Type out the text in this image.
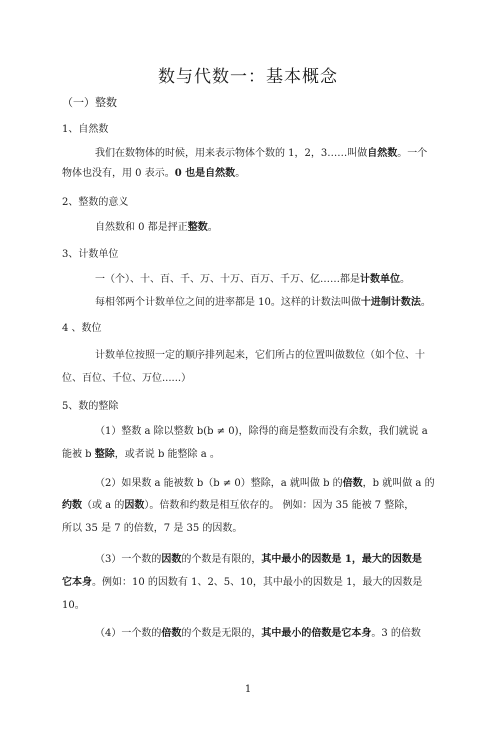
数与代数一：基本概念
（一）整数
1、自然数
我们在数物体的时候，用来表示物体个数的 1，2，3……叫做自然数。一个
物体也没有，用 0 表示。0 也是自然数。
2、整数的意义
自然数和 0 都是抨正整数。
3、计数单位
一（个）、十、百、千、万、十万、百万、千万、亿……都是计数单位。
每相邻两个计数单位之间的进率都是 10。这样的计数法叫做十进制计数法。
4 、数位
计数单位按照一定的顺序排列起来，它们所占的位置叫做数位（如个位、十
位、百位、千位、万位......）
5、数的整除
（1）整数 a 除以整数 b(b ≠ 0)，除得的商是整数而没有余数，我们就说 a
能被 b 整除，或者说 b 能整除 a 。
（2）如果数 a 能被数 b（b ≠ 0）整除，a 就叫做 b 的倍数，b 就叫做 a 的
约数（或 a 的因数）。倍数和约数是相互依存的。 例如：因为 35 能被 7 整除，
所以 35 是 7 的倍数，7 是 35 的因数。
（3）一个数的因数的个数是有限的，其中最小的因数是 1，最大的因数是
它本身。例如：10 的因数有 1、2、5、10，其中最小的因数是 1，最大的因数是
10。
（4）一个数的倍数的个数是无限的，其中最小的倍数是它本身。3 的倍数
1
